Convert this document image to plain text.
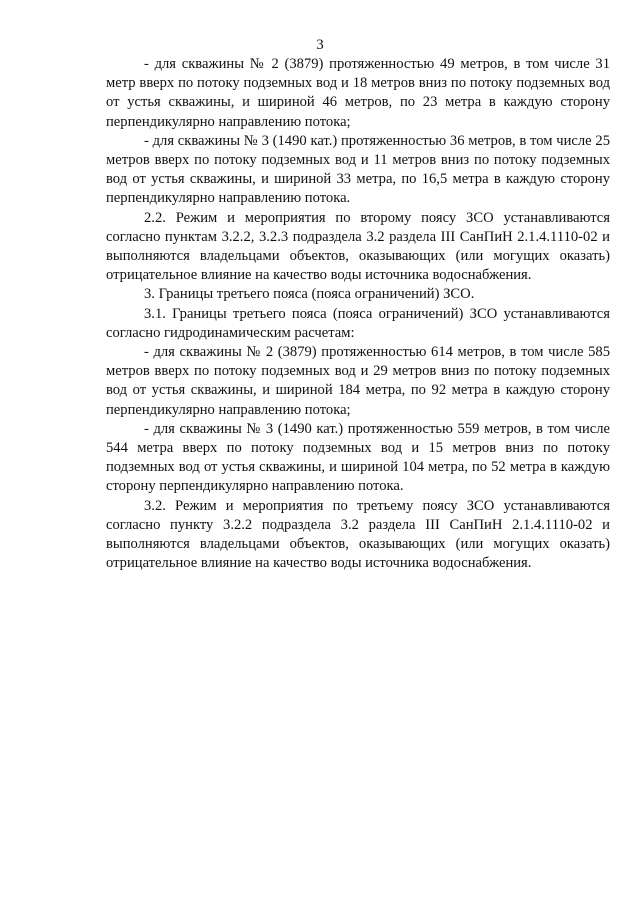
3

- для скважины № 2 (3879) протяженностью 49 метров, в том числе 31 метр вверх по потоку подземных вод и 18 метров вниз по потоку подземных вод от устья скважины, и шириной 46 метров, по 23 метра в каждую сторону перпендикулярно направлению потока;

- для скважины № 3 (1490 кат.) протяженностью 36 метров, в том числе 25 метров вверх по потоку подземных вод и 11 метров вниз по потоку подземных вод от устья скважины, и шириной 33 метра, по 16,5 метра в каждую сторону перпендикулярно направлению потока.

2.2. Режим и мероприятия по второму поясу ЗСО устанавливаются согласно пунктам 3.2.2, 3.2.3 подраздела 3.2 раздела III СанПиН 2.1.4.1110-02 и выполняются владельцами объектов, оказывающих (или могущих оказать) отрицательное влияние на качество воды источника водоснабжения.

3. Границы третьего пояса (пояса ограничений) ЗСО.

3.1. Границы третьего пояса (пояса ограничений) ЗСО устанавливаются согласно гидродинамическим расчетам:

- для скважины № 2 (3879) протяженностью 614 метров, в том числе 585 метров вверх по потоку подземных вод и 29 метров вниз по потоку подземных вод от устья скважины, и шириной 184 метра, по 92 метра в каждую сторону перпендикулярно направлению потока;

- для скважины № 3 (1490 кат.) протяженностью 559 метров, в том числе 544 метра вверх по потоку подземных вод и 15 метров вниз по потоку подземных вод от устья скважины, и шириной 104 метра, по 52 метра в каждую сторону перпендикулярно направлению потока.

3.2. Режим и мероприятия по третьему поясу ЗСО устанавливаются согласно пункту 3.2.2 подраздела 3.2 раздела III СанПиН 2.1.4.1110-02 и выполняются владельцами объектов, оказывающих (или могущих оказать) отрицательное влияние на качество воды источника водоснабжения.
